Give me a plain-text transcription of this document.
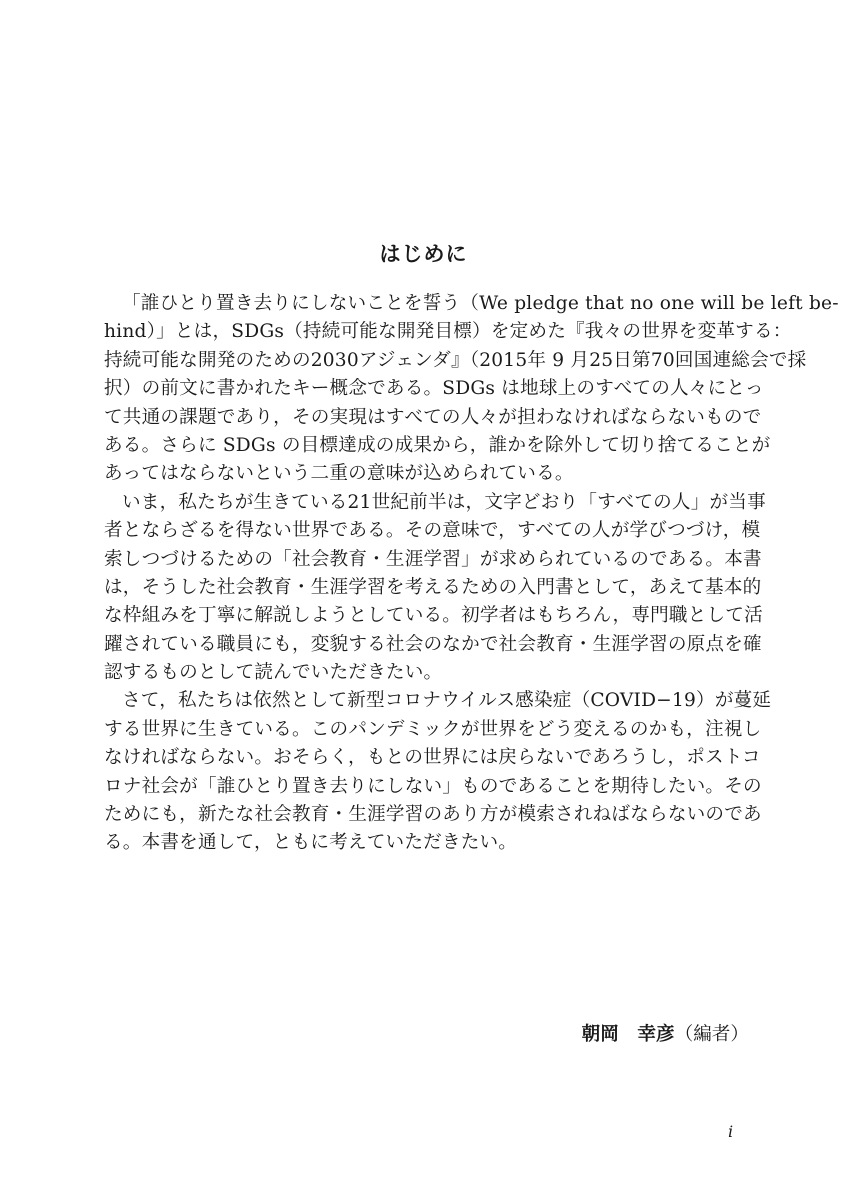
はじめに
「誰ひとり置き去りにしないことを誓う（We pledge that no one will be left be-
hind）」とは，SDGs（持続可能な開発目標）を定めた『我々の世界を変革する：
持続可能な開発のための2030アジェンダ』（2015年 9 月25日第70回国連総会で採
択）の前文に書かれたキー概念である。SDGs は地球上のすべての人々にとっ
て共通の課題であり，その実現はすべての人々が担わなければならないもので
ある。さらに SDGs の目標達成の成果から，誰かを除外して切り捨てることが
あってはならないという二重の意味が込められている。
いま，私たちが生きている21世紀前半は，文字どおり「すべての人」が当事
者とならざるを得ない世界である。その意味で，すべての人が学びつづけ，模
索しつづけるための「社会教育・生涯学習」が求められているのである。本書
は，そうした社会教育・生涯学習を考えるための入門書として，あえて基本的
な枠組みを丁寧に解説しようとしている。初学者はもちろん，専門職として活
躍されている職員にも，変貌する社会のなかで社会教育・生涯学習の原点を確
認するものとして読んでいただきたい。
さて，私たちは依然として新型コロナウイルス感染症（COVID−19）が蔓延
する世界に生きている。このパンデミックが世界をどう変えるのかも，注視し
なければならない。おそらく，もとの世界には戻らないであろうし，ポストコ
ロナ社会が「誰ひとり置き去りにしない」ものであることを期待したい。その
ためにも，新たな社会教育・生涯学習のあり方が模索されねばならないのであ
る。本書を通して，ともに考えていただきたい。
朝岡　幸彦（編者）
i
